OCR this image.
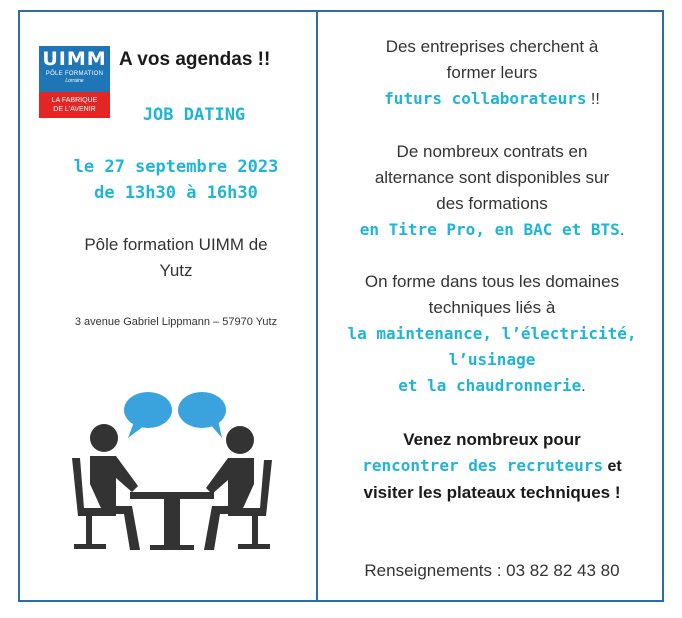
UIMM
PÔLE FORMATION
Lorraine
LA FABRIQUE
DE L'AVENIR
A vos agendas !!
JOB DATING
le 27 septembre 2023
de 13h30 à 16h30
Pôle formation UIMM de
Yutz
3 avenue Gabriel Lippmann – 57970 Yutz
Des entreprises cherchent à
former leurs
futurs collaborateurs !!
De nombreux contrats en
alternance sont disponibles sur
des formations
en Titre Pro, en BAC et BTS.
On forme dans tous les domaines
techniques liés à
la maintenance, l’électricité,
l’usinage
et la chaudronnerie.
Venez nombreux pour
rencontrer des recruteurs et
visiter les plateaux techniques !
Renseignements : 03 82 82 43 80
